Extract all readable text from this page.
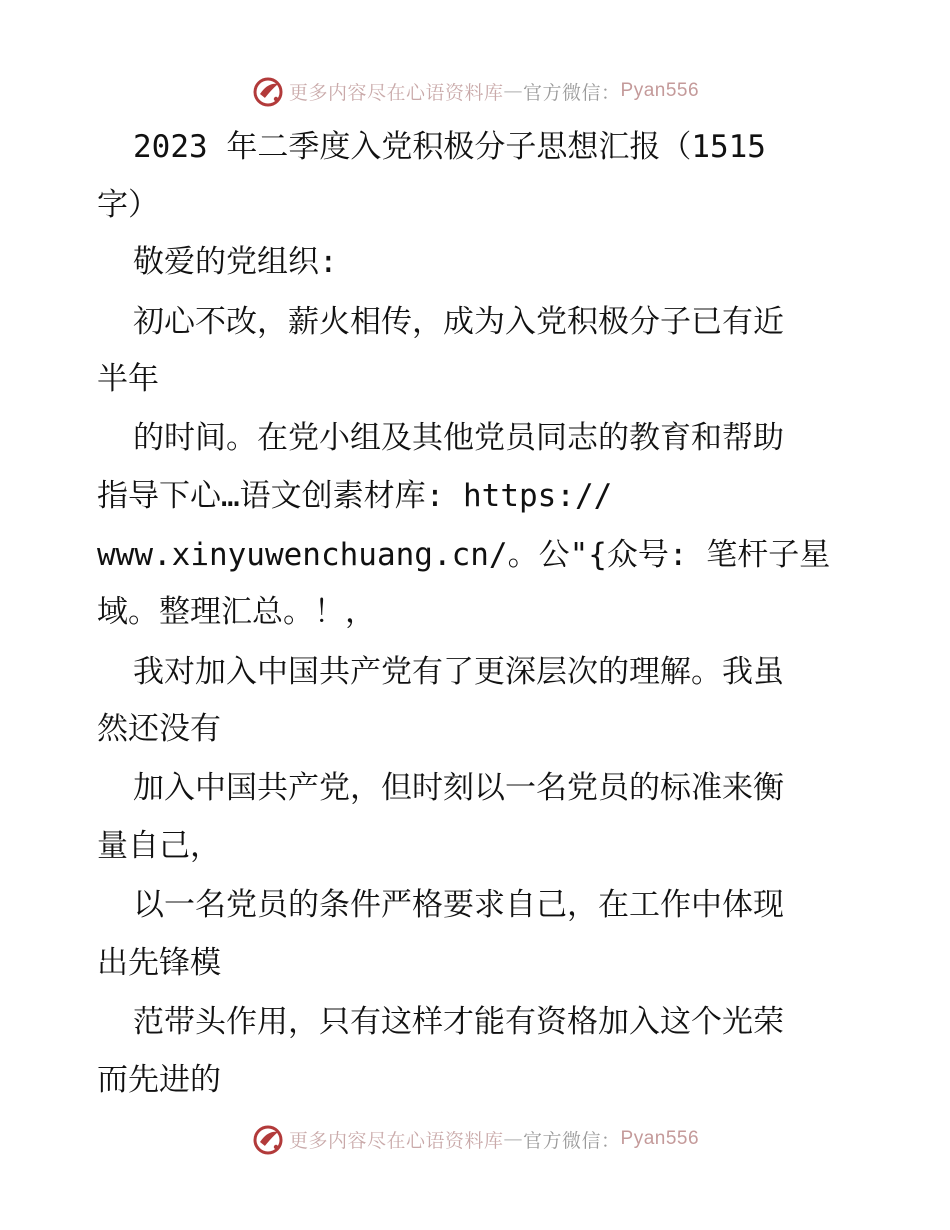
更多内容尽在心语资料库 — 官方微信 ： Pyan556
2023 年二季度入党积极分子思想汇报（1515
字）
敬爱的党组织:
初心不改，薪火相传，成为入党积极分子已有近
半年
的时间。在党小组及其他党员同志的教育和帮助
指导下心…语文创素材库: https://
www.xinyuwenchuang.cn/。公"{众号: 笔杆子星
域。整理汇总。！，
我对加入中国共产党有了更深层次的理解。我虽
然还没有
加入中国共产党，但时刻以一名党员的标准来衡
量自己，
以一名党员的条件严格要求自己，在工作中体现
出先锋模
范带头作用，只有这样才能有资格加入这个光荣
而先进的
更多内容尽在心语资料库 — 官方微信 ： Pyan556
